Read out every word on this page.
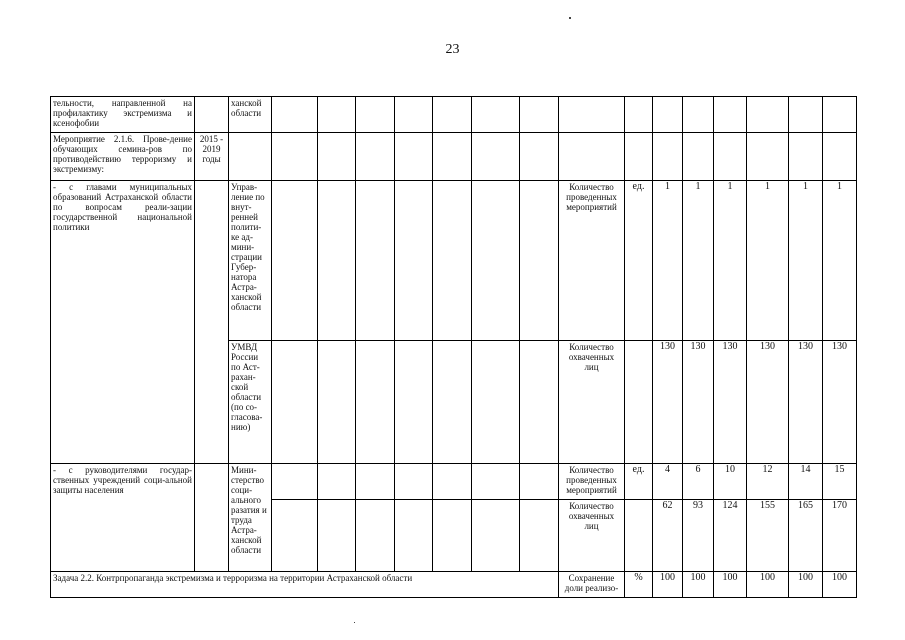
23
тельности, направленной на профилактику экстремизма и ксенофобии		ханской области															
Мероприятие 2.1.6. Прове-дение обучающих семина-ров по противодействию терроризму и экстремизму:	2015 - 2019 годы																
- с главами муниципальных образований Астраханской области по вопросам реали-зации государственной национальной политики		Управ-ление по внут-ренней полити-ке ад-мини-страции Губер-натора Астра-ханской области								Количество проведенных мероприятий	ед.	1	1	1	1	1	1
		УМВД России по Аст-рахан-ской области (по со-гласова-нию)								Количество охваченных лиц		130	130	130	130	130	130
- с руководителями государ-ственных учреждений соци-альной защиты населения		Мини-стерство соци-ального разатия и труда Астра-ханской области								Количество проведенных мероприятий	ед.	4	6	10	12	14	15
										Количество охваченных лиц		62	93	124	155	165	170
Задача 2.2. Контрпропаганда экстремизма и терроризма на территории Астраханской области										Сохранение доли реализо-	%	100	100	100	100	100	100
